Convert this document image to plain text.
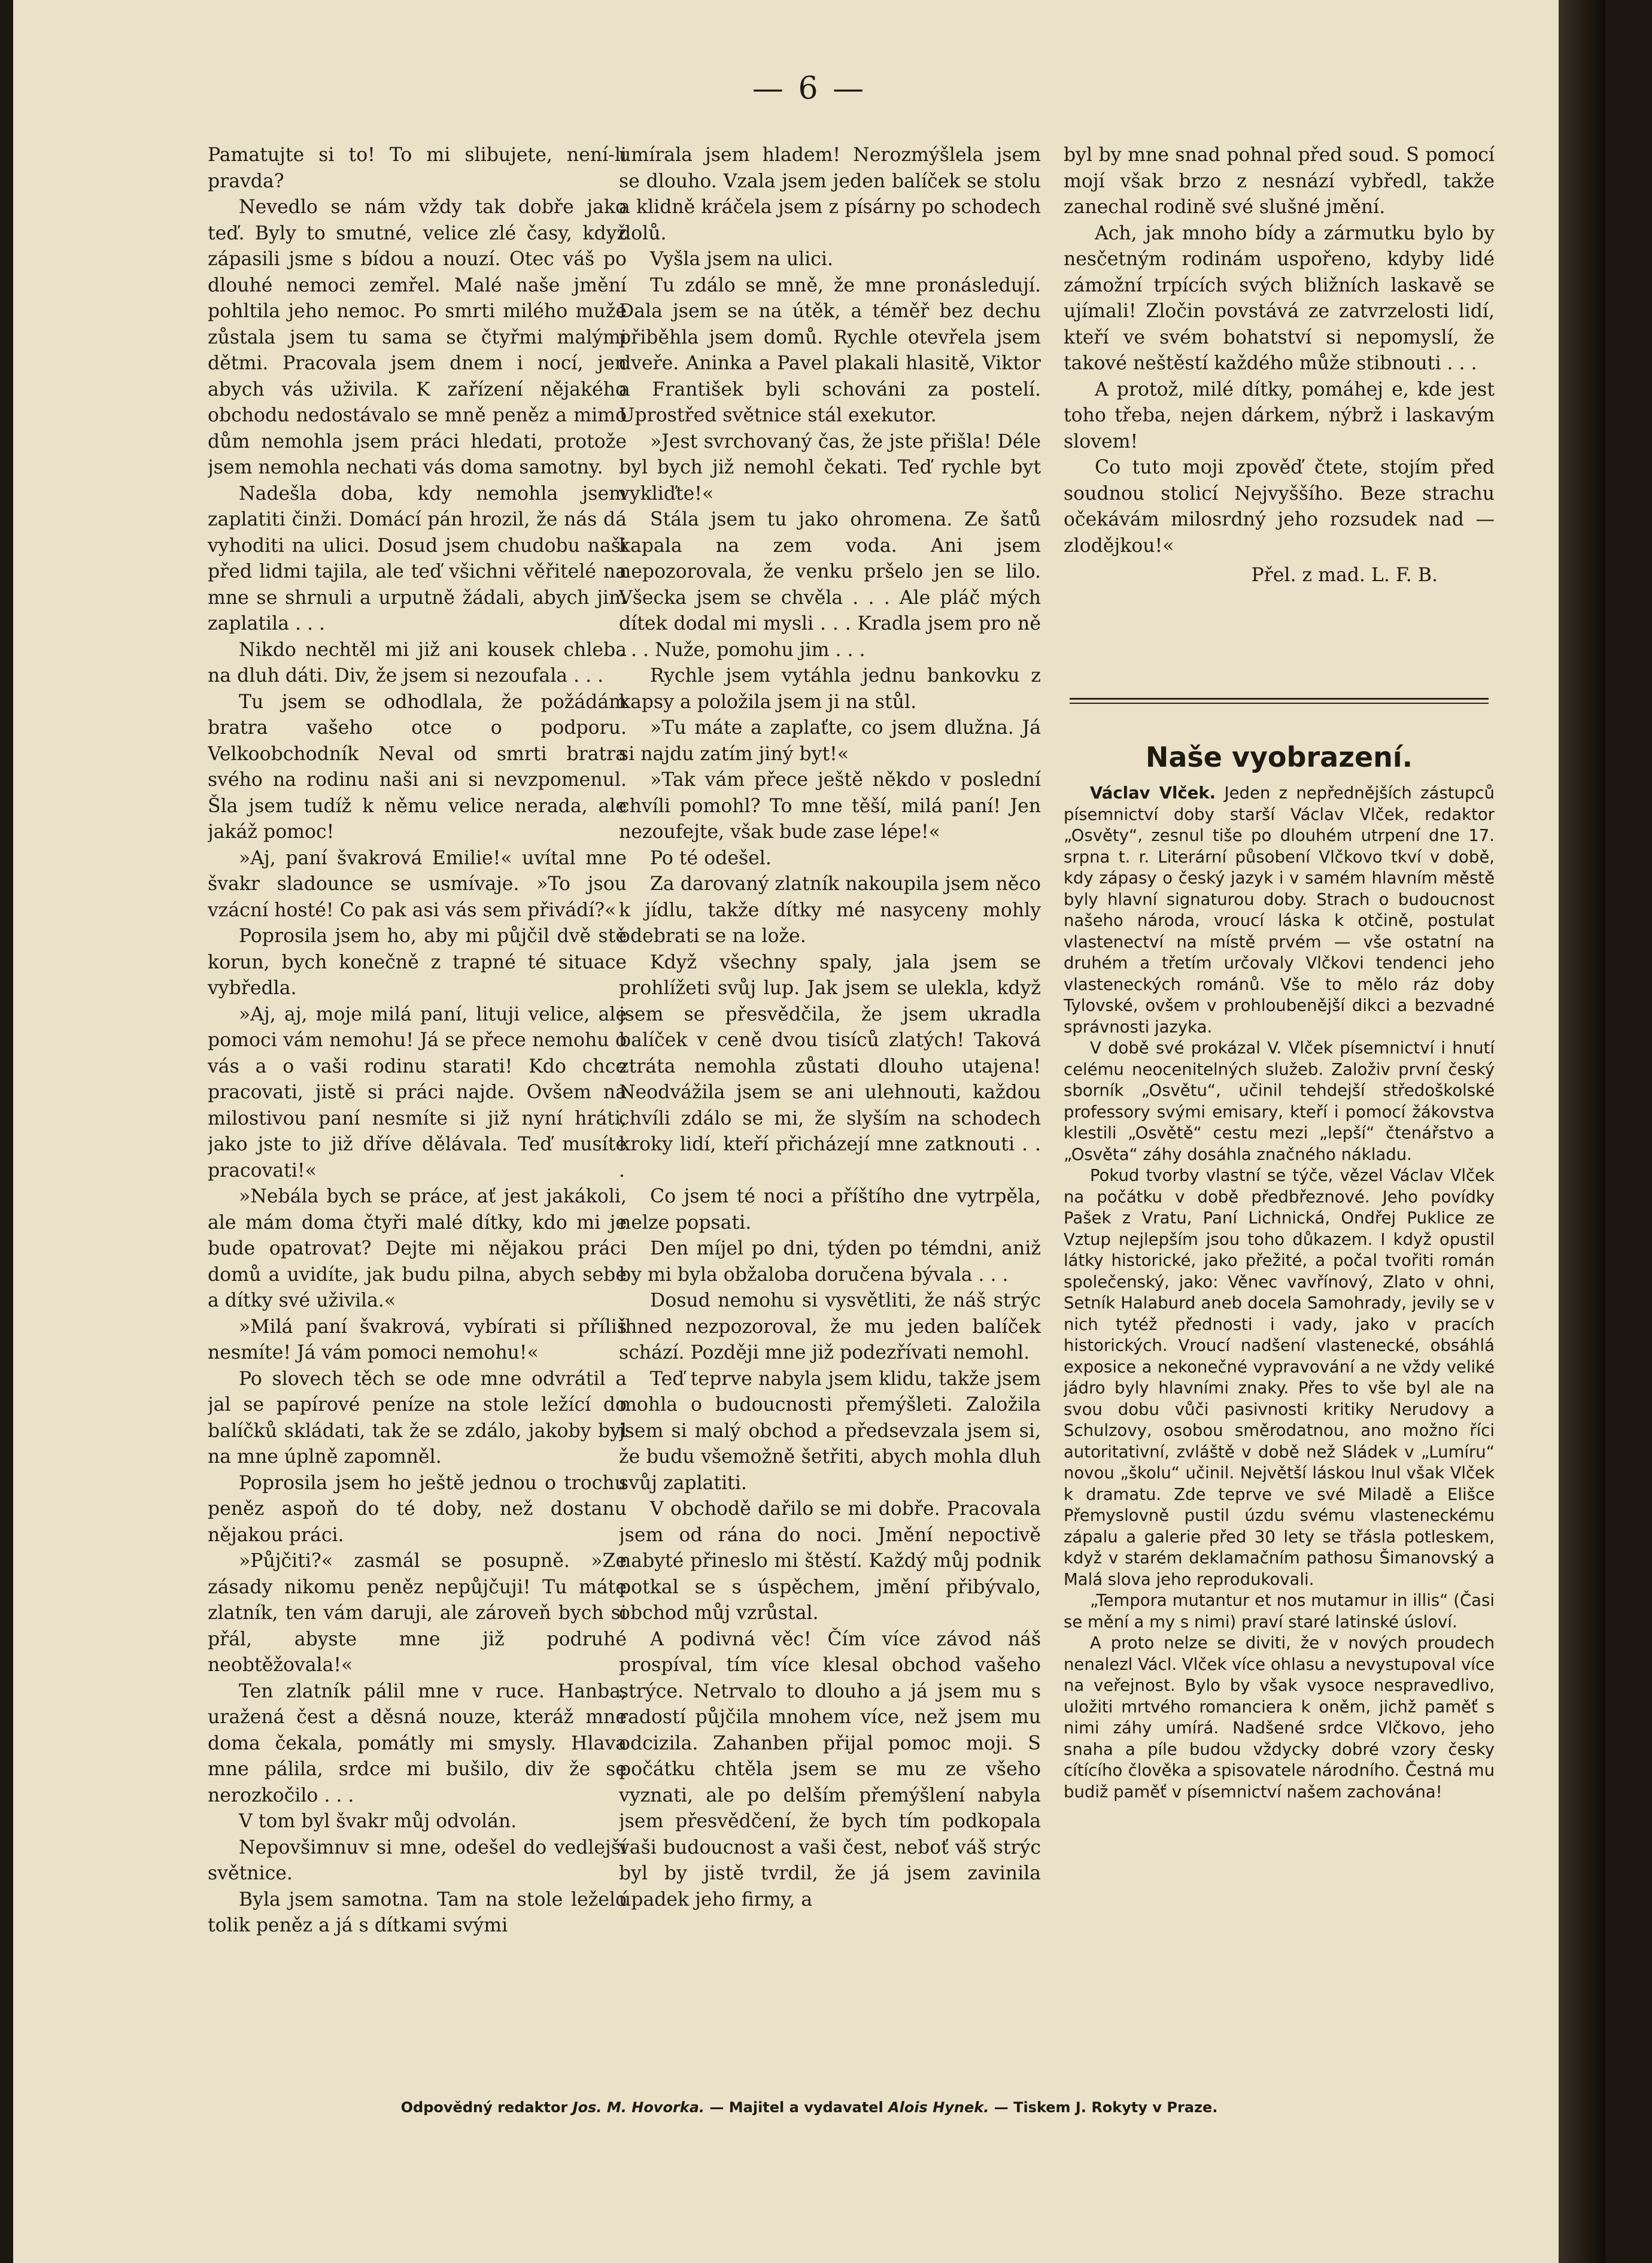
— 6 —

Pamatujte si to! To mi slibujete, není-li pravda?

Nevedlo se nám vždy tak dobře jako teď. Byly to smutné, velice zlé časy, když zápasili jsme s bídou a nouzí. Otec váš po dlouhé nemoci zemřel. Malé naše jmění pohltila jeho nemoc. Po smrti milého muže zůstala jsem tu sama se čtyřmi malými dětmi. Pracovala jsem dnem i nocí, jen abych vás uživila. K zařízení nějakého obchodu nedostávalo se mně peněz a mimo dům nemohla jsem práci hledati, protože jsem nemohla nechati vás doma samotny.

Nadešla doba, kdy nemohla jsem zaplatiti činži. Domácí pán hrozil, že nás dá vyhoditi na ulici. Dosud jsem chudobu naši před lidmi tajila, ale teď všichni věřitelé na mne se shrnuli a urputně žádali, abych jim zaplatila . . .

Nikdo nechtěl mi již ani kousek chleba na dluh dáti. Div, že jsem si nezoufala . . .

Tu jsem se odhodlala, že požádám bratra vašeho otce o podporu. Velkoobchodník Neval od smrti bratra svého na rodinu naši ani si nevzpomenul. Šla jsem tudíž k němu velice nerada, ale jakáž pomoc!

»Aj, paní švakrová Emilie!« uvítal mne švakr sladounce se usmívaje. »To jsou vzácní hosté! Co pak asi vás sem přivádí?«

Poprosila jsem ho, aby mi půjčil dvě stě korun, bych konečně z trapné té situace vybředla.

»Aj, aj, moje milá paní, lituji velice, ale pomoci vám nemohu! Já se přece nemohu o vás a o vaši rodinu starati! Kdo chce pracovati, jistě si práci najde. Ovšem na milostivou paní nesmíte si již nyní hráti, jako jste to již dříve dělávala. Teď musíte pracovati!«

»Nebála bych se práce, ať jest jakákoli, ale mám doma čtyři malé dítky, kdo mi je bude opatrovat? Dejte mi nějakou práci domů a uvidíte, jak budu pilna, abych sebe a dítky své uživila.«

»Milá paní švakrová, vybírati si příliš nesmíte! Já vám pomoci nemohu!«

Po slovech těch se ode mne odvrátil a jal se papírové peníze na stole ležící do balíčků skládati, tak že se zdálo, jakoby byl na mne úplně zapomněl.

Poprosila jsem ho ještě jednou o trochu peněz aspoň do té doby, než dostanu nějakou práci.

»Půjčiti?« zasmál se posupně. »Ze zásady nikomu peněz nepůjčuji! Tu máte zlatník, ten vám daruji, ale zároveň bych si přál, abyste mne již podruhé neobtěžovala!«

Ten zlatník pálil mne v ruce. Hanba, uražená čest a děsná nouze, kteráž mne doma čekala, pomátly mi smysly. Hlava mne pálila, srdce mi bušilo, div že se nerozkočilo . . .

V tom byl švakr můj odvolán.

Nepovšimnuv si mne, odešel do vedlejší světnice.

Byla jsem samotna. Tam na stole leželo tolik peněz a já s dítkami svými

umírala jsem hladem! Nerozmýšlela jsem se dlouho. Vzala jsem jeden balíček se stolu a klidně kráčela jsem z písárny po schodech dolů.

Vyšla jsem na ulici.

Tu zdálo se mně, že mne pronásledují. Dala jsem se na útěk, a téměř bez dechu přiběhla jsem domů. Rychle otevřela jsem dveře. Aninka a Pavel plakali hlasitě, Viktor a František byli schováni za postelí. Uprostřed světnice stál exekutor.

»Jest svrchovaný čas, že jste přišla! Déle byl bych již nemohl čekati. Teď rychle byt vykliďte!«

Stála jsem tu jako ohromena. Ze šatů kapala na zem voda. Ani jsem nepozorovala, že venku pršelo jen se lilo. Všecka jsem se chvěla . . . Ale pláč mých dítek dodal mi mysli . . . Kradla jsem pro ně . . . Nuže, pomohu jim . . .

Rychle jsem vytáhla jednu bankovku z kapsy a položila jsem ji na stůl.

»Tu máte a zaplaťte, co jsem dlužna. Já si najdu zatím jiný byt!«

»Tak vám přece ještě někdo v poslední chvíli pomohl? To mne těší, milá paní! Jen nezoufejte, však bude zase lépe!«

Po té odešel.

Za darovaný zlatník nakoupila jsem něco k jídlu, takže dítky mé nasyceny mohly odebrati se na lože.

Když všechny spaly, jala jsem se prohlížeti svůj lup. Jak jsem se ulekla, když jsem se přesvědčila, že jsem ukradla balíček v ceně dvou tisíců zlatých! Taková ztráta nemohla zůstati dlouho utajena! Neodvážila jsem se ani ulehnouti, každou chvíli zdálo se mi, že slyším na schodech kroky lidí, kteří přicházejí mne zatknouti . . .

Co jsem té noci a příštího dne vytrpěla, nelze popsati.

Den míjel po dni, týden po témdni, aniž by mi byla obžaloba doručena bývala . . .

Dosud nemohu si vysvětliti, že náš strýc ihned nezpozoroval, že mu jeden balíček schází. Později mne již podezřívati nemohl.

Teď teprve nabyla jsem klidu, takže jsem mohla o budoucnosti přemýšleti. Založila jsem si malý obchod a předsevzala jsem si, že budu všemožně šetřiti, abych mohla dluh svůj zaplatiti.

V obchodě dařilo se mi dobře. Pracovala jsem od rána do noci. Jmění nepoctivě nabyté přineslo mi štěstí. Každý můj podnik potkal se s úspěchem, jmění přibývalo, obchod můj vzrůstal.

A podivná věc! Čím více závod náš prospíval, tím více klesal obchod vašeho strýce. Netrvalo to dlouho a já jsem mu s radostí půjčila mnohem více, než jsem mu odcizila. Zahanben přijal pomoc moji. S počátku chtěla jsem se mu ze všeho vyznati, ale po delším přemýšlení nabyla jsem přesvědčení, že bych tím podkopala vaši budoucnost a vaši čest, neboť váš strýc byl by jistě tvrdil, že já jsem zavinila úpadek jeho firmy, a

byl by mne snad pohnal před soud. S pomocí mojí však brzo z nesnází vybředl, takže zanechal rodině své slušné jmění.

Ach, jak mnoho bídy a zármutku bylo by nesčetným rodinám uspořeno, kdyby lidé zámožní trpících svých bližních laskavě se ujímali! Zločin povstává ze zatvrzelosti lidí, kteří ve svém bohatství si nepomyslí, že takové neštěstí každého může stibnouti . . .

A protož, milé dítky, pomáhej e, kde jest toho třeba, nejen dárkem, nýbrž i laskavým slovem!

Co tuto moji zpověď čtete, stojím před soudnou stolicí Nejvyššího. Beze strachu očekávám milosrdný jeho rozsudek nad — zlodějkou!«

Přel. z mad. L. F. B.
Naše vyobrazení.

Václav Vlček. Jeden z nepřednějších zástupců písemnictví doby starší Václav Vlček, redaktor „Osvěty“, zesnul tiše po dlouhém utrpení dne 17. srpna t. r. Literární působení Vlčkovo tkví v době, kdy zápasy o český jazyk i v samém hlavním městě byly hlavní signaturou doby. Strach o budoucnost našeho národa, vroucí láska k otčině, postulat vlastenectví na místě prvém — vše ostatní na druhém a třetím určovaly Vlčkovi tendenci jeho vlasteneckých románů. Vše to mělo ráz doby Tylovské, ovšem v prohloubenější dikci a bezvadné správnosti jazyka.

V době své prokázal V. Vlček písemnictví i hnutí celému neocenitelných služeb. Založiv první český sborník „Osvětu“, učinil tehdejší středoškolské professory svými emisary, kteří i pomocí žákovstva klestili „Osvětě“ cestu mezi „lepší“ čtenářstvo a „Osvěta“ záhy dosáhla značného nákladu.

Pokud tvorby vlastní se týče, vězel Václav Vlček na počátku v době předbřeznové. Jeho povídky Pašek z Vratu, Paní Lichnická, Ondřej Puklice ze Vztup nejlepším jsou toho důkazem. I když opustil látky historické, jako přežité, a počal tvořiti román společenský, jako: Věnec vavřínový, Zlato v ohni, Setník Halaburd aneb docela Samohrady, jevily se v nich tytéž přednosti i vady, jako v pracích historických. Vroucí nadšení vlastenecké, obsáhlá exposice a nekonečné vypravování a ne vždy veliké jádro byly hlavními znaky. Přes to vše byl ale na svou dobu vůči pasivnosti kritiky Nerudovy a Schulzovy, osobou směrodatnou, ano možno říci autoritativní, zvláště v době než Sládek v „Lumíru“ novou „školu“ učinil. Největší láskou lnul však Vlček k dramatu. Zde teprve ve své Miladě a Elišce Přemyslovně pustil úzdu svému vlasteneckému zápalu a galerie před 30 lety se třásla potleskem, když v starém deklamačním pathosu Šimanovský a Malá slova jeho reprodukovali.

„Tempora mutantur et nos mutamur in illis“ (Časi se mění a my s nimi) praví staré latinské úsloví.

A proto nelze se diviti, že v nových proudech nenalezl Václ. Vlček více ohlasu a nevystupoval více na veřejnost. Bylo by však vysoce nespravedlivo, uložiti mrtvého romanciera k oněm, jichž paměť s nimi záhy umírá. Nadšené srdce Vlčkovo, jeho snaha a píle budou vždycky dobré vzory česky cítícího člověka a spisovatele národního. Čestná mu budiž paměť v písemnictví našem zachována!

Odpovědný redaktor Jos. M. Hovorka. — Majitel a vydavatel Alois Hynek. — Tiskem J. Rokyty v Praze.
